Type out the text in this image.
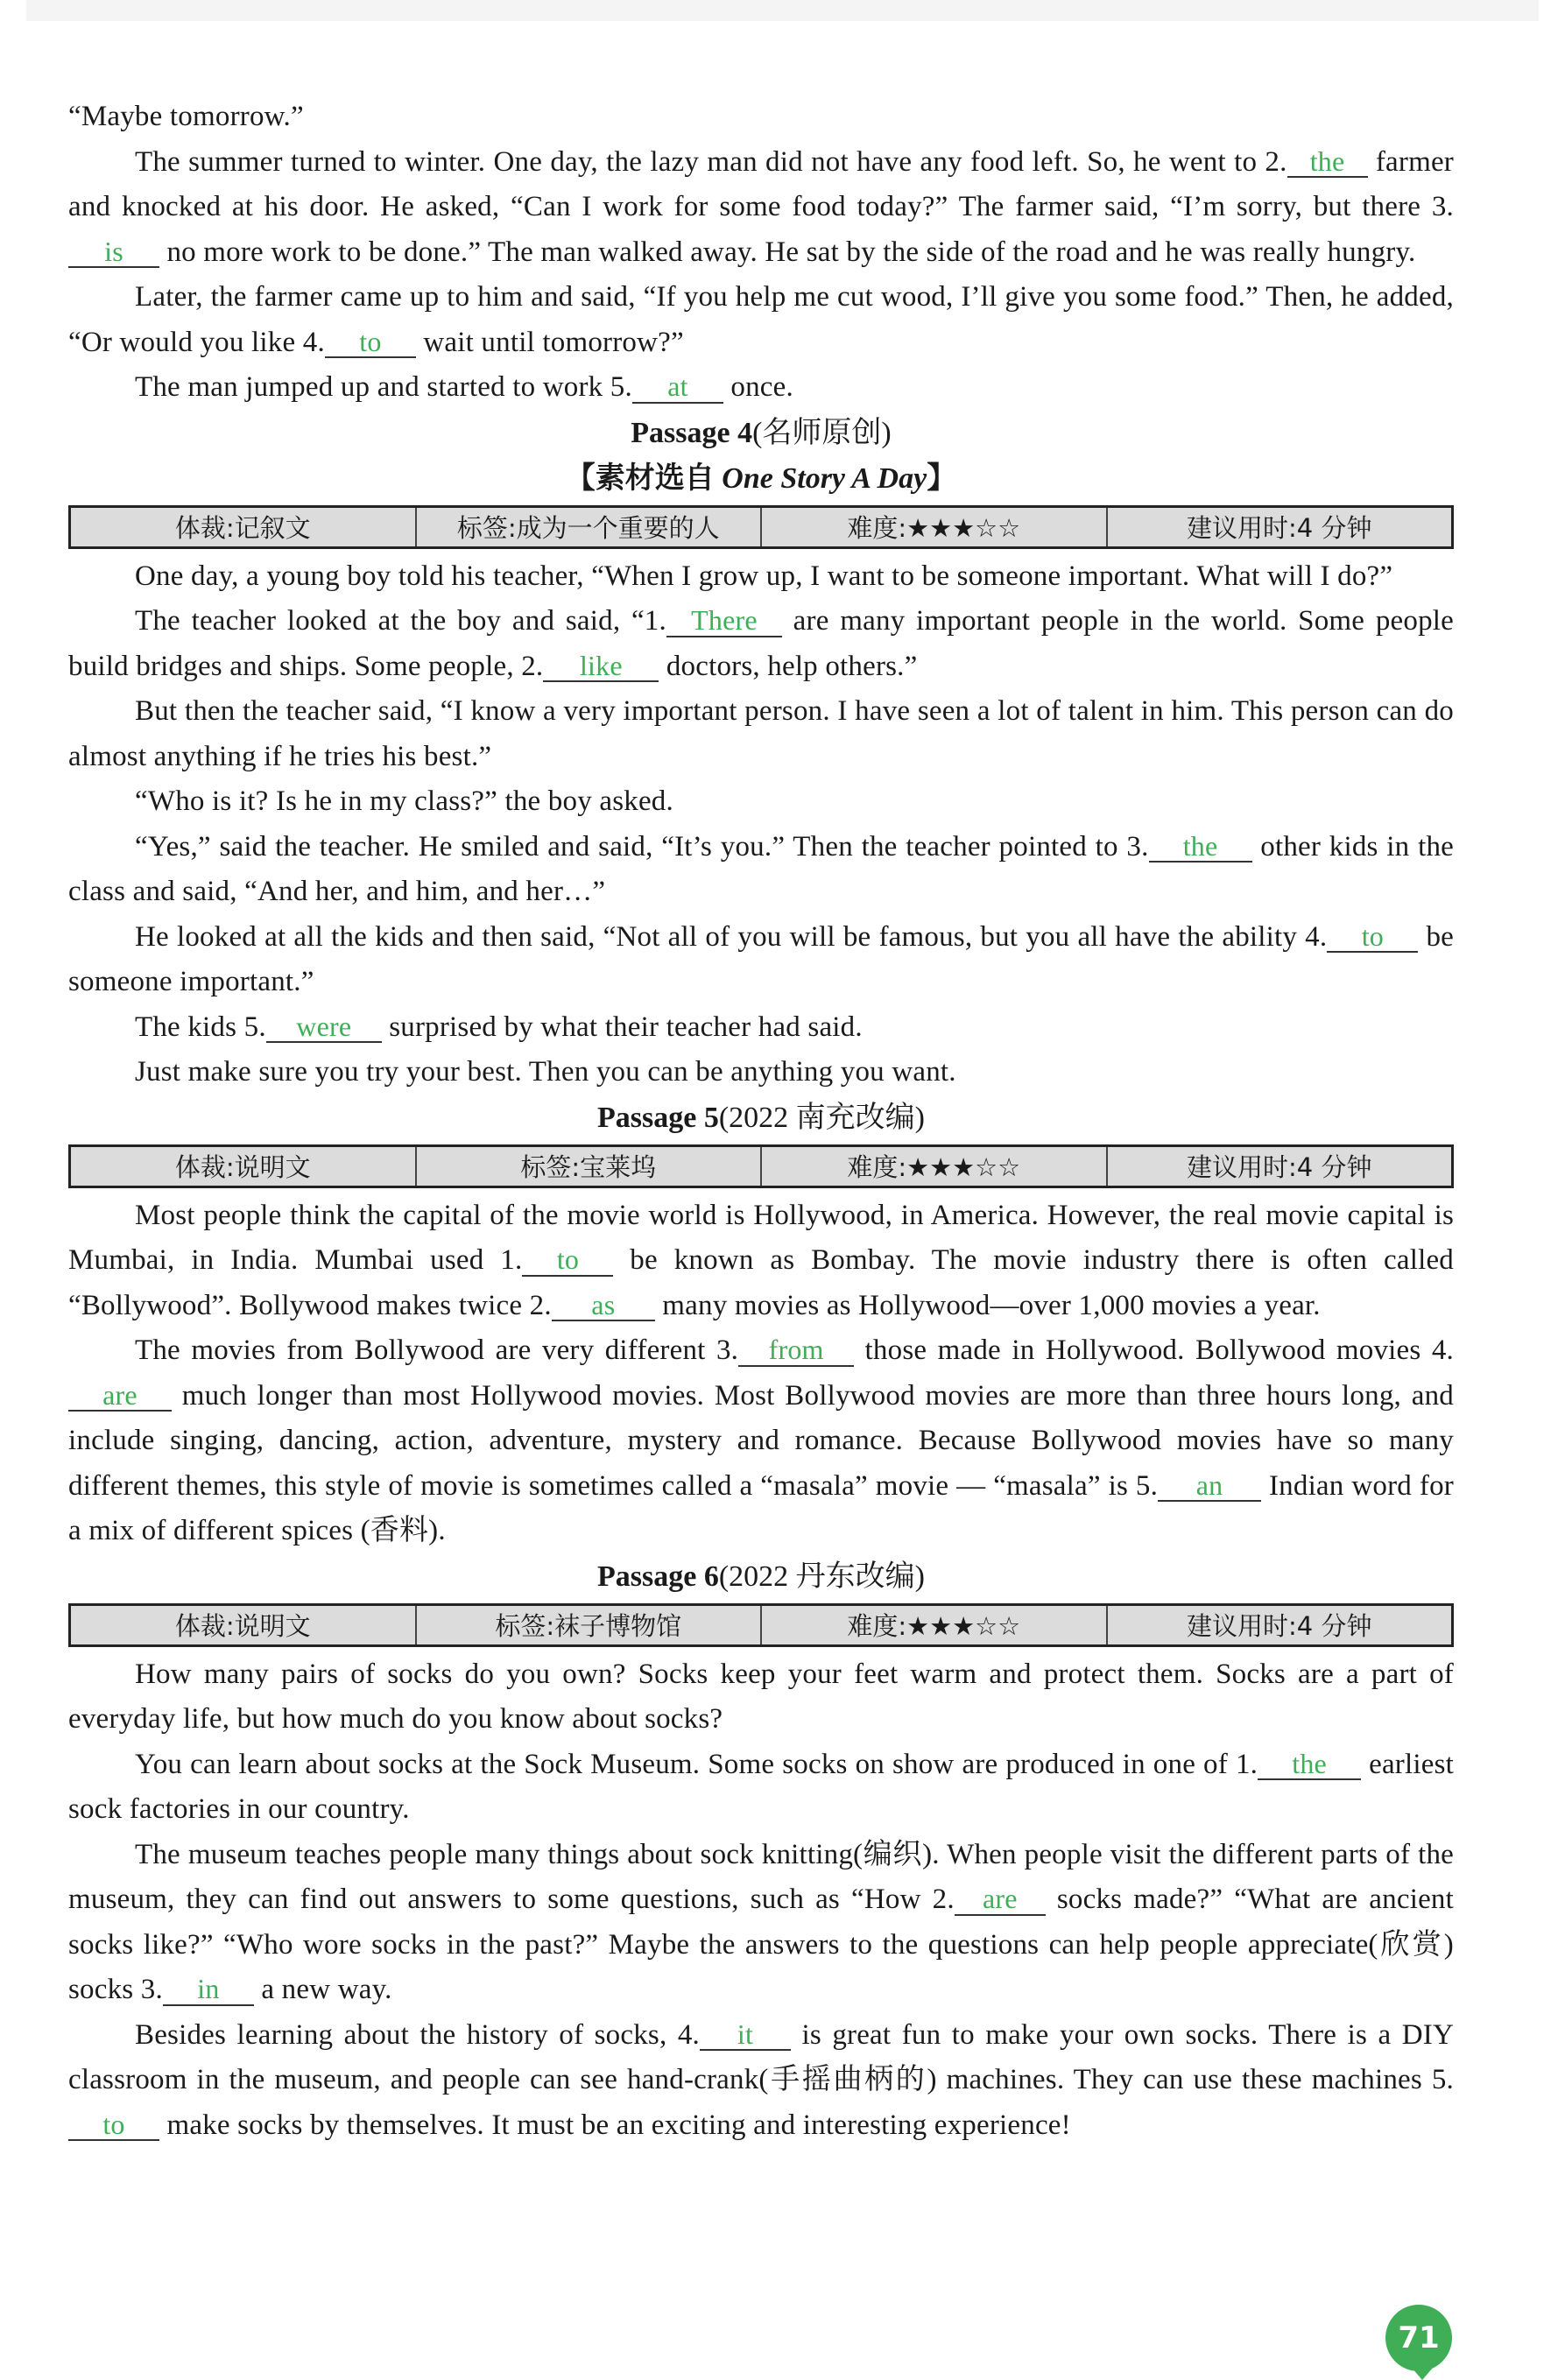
“Maybe tomorrow.”

The summer turned to winter. One day, the lazy man did not have any food left. So, he went to 2. the farmer and knocked at his door. He asked, “Can I work for some food today?” The farmer said, “I’m sorry, but there 3.is no more work to be done.” The man walked away. He sat by the side of the road and he was really hungry.

Later, the farmer came up to him and said, “If you help me cut wood, I’ll give you some food.” Then, he added, “Or would you like 4. to wait until tomorrow?”

The man jumped up and started to work 5. at once.

Passage 4(名师原创)

【素材选自 One Story A Day】

体裁:记叙文	标签:成为一个重要的人	难度:★★★☆☆	建议用时:4 分钟

One day, a young boy told his teacher, “When I grow up, I want to be someone important. What will I do?”

The teacher looked at the boy and said, “1. There are many important people in the world. Some people build bridges and ships. Some people, 2. like doctors, help others.”

But then the teacher said, “I know a very important person. I have seen a lot of talent in him. This person can do almost anything if he tries his best.”

“Who is it? Is he in my class?” the boy asked.

“Yes,” said the teacher. He smiled and said, “It’s you.” Then the teacher pointed to 3. the other kids in the class and said, “And her, and him, and her…”

He looked at all the kids and then said, “Not all of you will be famous, but you all have the ability 4. to be someone important.”

The kids 5. were surprised by what their teacher had said.

Just make sure you try your best. Then you can be anything you want.

Passage 5(2022 南充改编)

体裁:说明文	标签:宝莱坞	难度:★★★☆☆	建议用时:4 分钟

Most people think the capital of the movie world is Hollywood, in America. However, the real movie capital is Mumbai, in India. Mumbai used 1. to be known as Bombay. The movie industry there is often called “Bollywood”. Bollywood makes twice 2. as many movies as Hollywood—over 1,000 movies a year.

The movies from Bollywood are very different 3. from those made in Hollywood. Bollywood movies 4.are much longer than most Hollywood movies. Most Bollywood movies are more than three hours long, and include singing, dancing, action, adventure, mystery and romance. Because Bollywood movies have so many different themes, this style of movie is sometimes called a “masala” movie — “masala” is 5. an Indian word for a mix of different spices (香料).

Passage 6(2022 丹东改编)

体裁:说明文	标签:袜子博物馆	难度:★★★☆☆	建议用时:4 分钟

How many pairs of socks do you own? Socks keep your feet warm and protect them. Socks are a part of everyday life, but how much do you know about socks?

You can learn about socks at the Sock Museum. Some socks on show are produced in one of 1. the earliest sock factories in our country.

The museum teaches people many things about sock knitting(编织). When people visit the different parts of the museum, they can find out answers to some questions, such as “How 2. are socks made?” “What are ancient socks like?” “Who wore socks in the past?” Maybe the answers to the questions can help people appreciate(欣赏) socks 3. in a new way.

Besides learning about the history of socks, 4. it is great fun to make your own socks. There is a DIY classroom in the museum, and people can see hand-crank(手摇曲柄的) machines. They can use these machines 5.to make socks by themselves. It must be an exciting and interesting experience!

71
